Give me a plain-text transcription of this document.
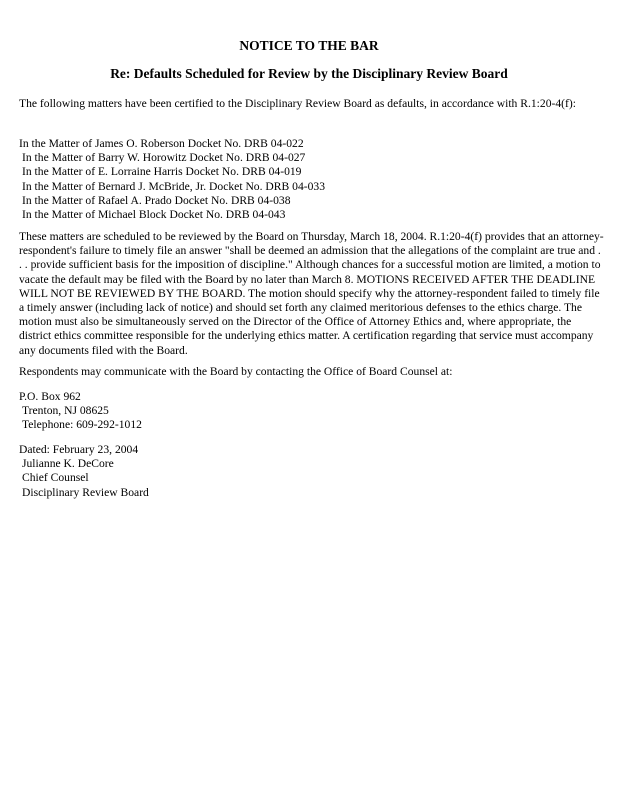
NOTICE TO THE BAR
Re: Defaults Scheduled for Review by the Disciplinary Review Board

The following matters have been certified to the Disciplinary Review Board as defaults, in accordance with R.1:20-4(f):

In the Matter of James O. Roberson Docket No. DRB 04-022
In the Matter of Barry W. Horowitz Docket No. DRB 04-027
In the Matter of E. Lorraine Harris Docket No. DRB 04-019
In the Matter of Bernard J. McBride, Jr. Docket No. DRB 04-033
In the Matter of Rafael A. Prado Docket No. DRB 04-038
In the Matter of Michael Block Docket No. DRB 04-043

These matters are scheduled to be reviewed by the Board on Thursday, March 18, 2004. R.1:20-4(f) provides that an attorney-respondent's failure to timely file an answer "shall be deemed an admission that the allegations of the complaint are true and . . . provide sufficient basis for the imposition of discipline." Although chances for a successful motion are limited, a motion to vacate the default may be filed with the Board by no later than March 8. MOTIONS RECEIVED AFTER THE DEADLINE WILL NOT BE REVIEWED BY THE BOARD. The motion should specify why the attorney-respondent failed to timely file a timely answer (including lack of notice) and should set forth any claimed meritorious defenses to the ethics charge. The motion must also be simultaneously served on the Director of the Office of Attorney Ethics and, where appropriate, the district ethics committee responsible for the underlying ethics matter. A certification regarding that service must accompany any documents filed with the Board.

Respondents may communicate with the Board by contacting the Office of Board Counsel at:

P.O. Box 962
Trenton, NJ 08625
Telephone: 609-292-1012
Dated: February 23, 2004
Julianne K. DeCore
Chief Counsel
Disciplinary Review Board
